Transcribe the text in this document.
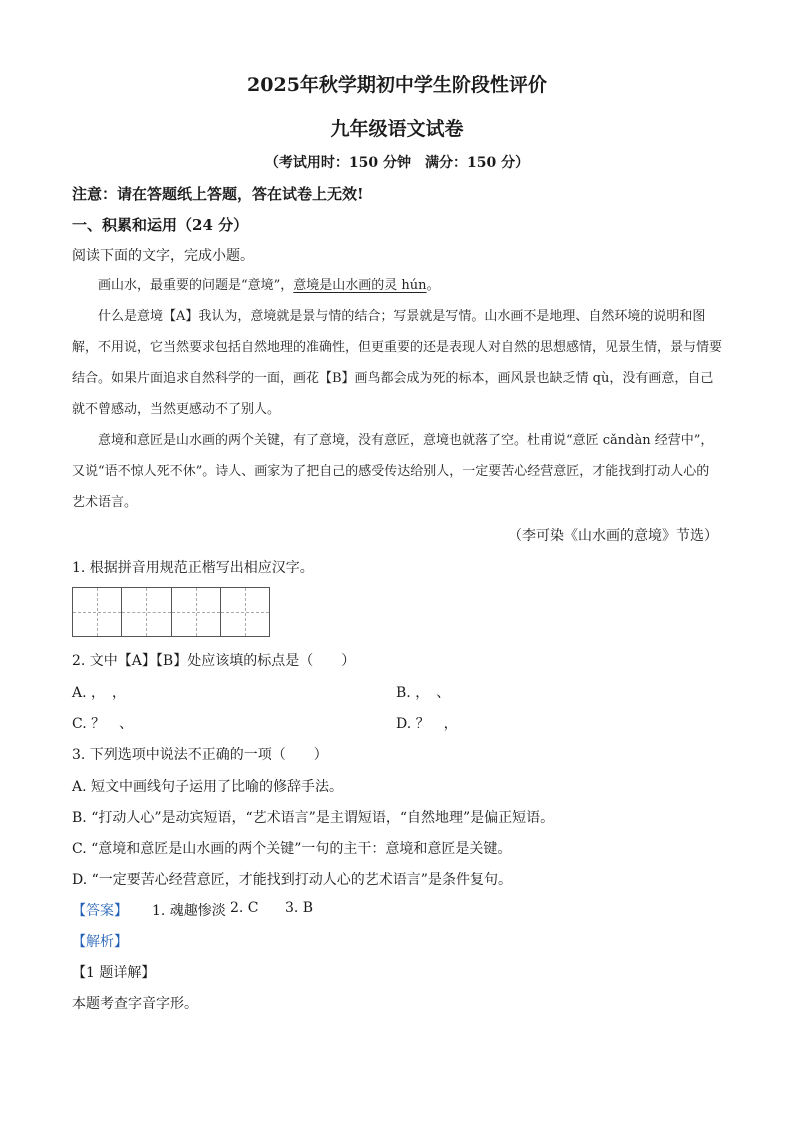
2025年秋学期初中学生阶段性评价
九年级语文试卷
（考试用时：150 分钟　满分：150 分）
注意：请在答题纸上答题，答在试卷上无效!
一、积累和运用（24 分）
阅读下面的文字，完成小题。
画山水，最重要的问题是“意境”，意境是山水画的灵 hún。
什么是意境【A】我认为，意境就是景与情的结合；写景就是写情。山水画不是地理、自然环境的说明和图解，不用说，它当然要求包括自然地理的准确性，但更重要的还是表现人对自然的思想感情，见景生情，景与情要结合。如果片面追求自然科学的一面，画花【B】画鸟都会成为死的标本，画风景也缺乏情 qù，没有画意，自己就不曾感动，当然更感动不了别人。
意境和意匠是山水画的两个关键，有了意境，没有意匠，意境也就落了空。杜甫说“意匠 cǎndàn 经营中”，又说“语不惊人死不休”。诗人、画家为了把自己的感受传达给别人，一定要苦心经营意匠，才能找到打动人心的艺术语言。
（李可染《山水画的意境》节选）
1. 根据拼音用规范正楷写出相应汉字。
2. 文中【A】【B】处应该填的标点是（　　）
A. ，　，	B. ，　、
C. ？　、	D. ？　，
3. 下列选项中说法不正确的一项（　　）
A. 短文中画线句子运用了比喻的修辞手法。
B. “打动人心”是动宾短语，“艺术语言”是主谓短语，“自然地理”是偏正短语。
C. “意境和意匠是山水画的两个关键”一句的主干：意境和意匠是关键。
D. “一定要苦心经营意匠，才能找到打动人心的艺术语言”是条件复句。
【答案】 1. 魂趣惨淡 2. C 3. B
【解析】
【1 题详解】
本题考查字音字形。
